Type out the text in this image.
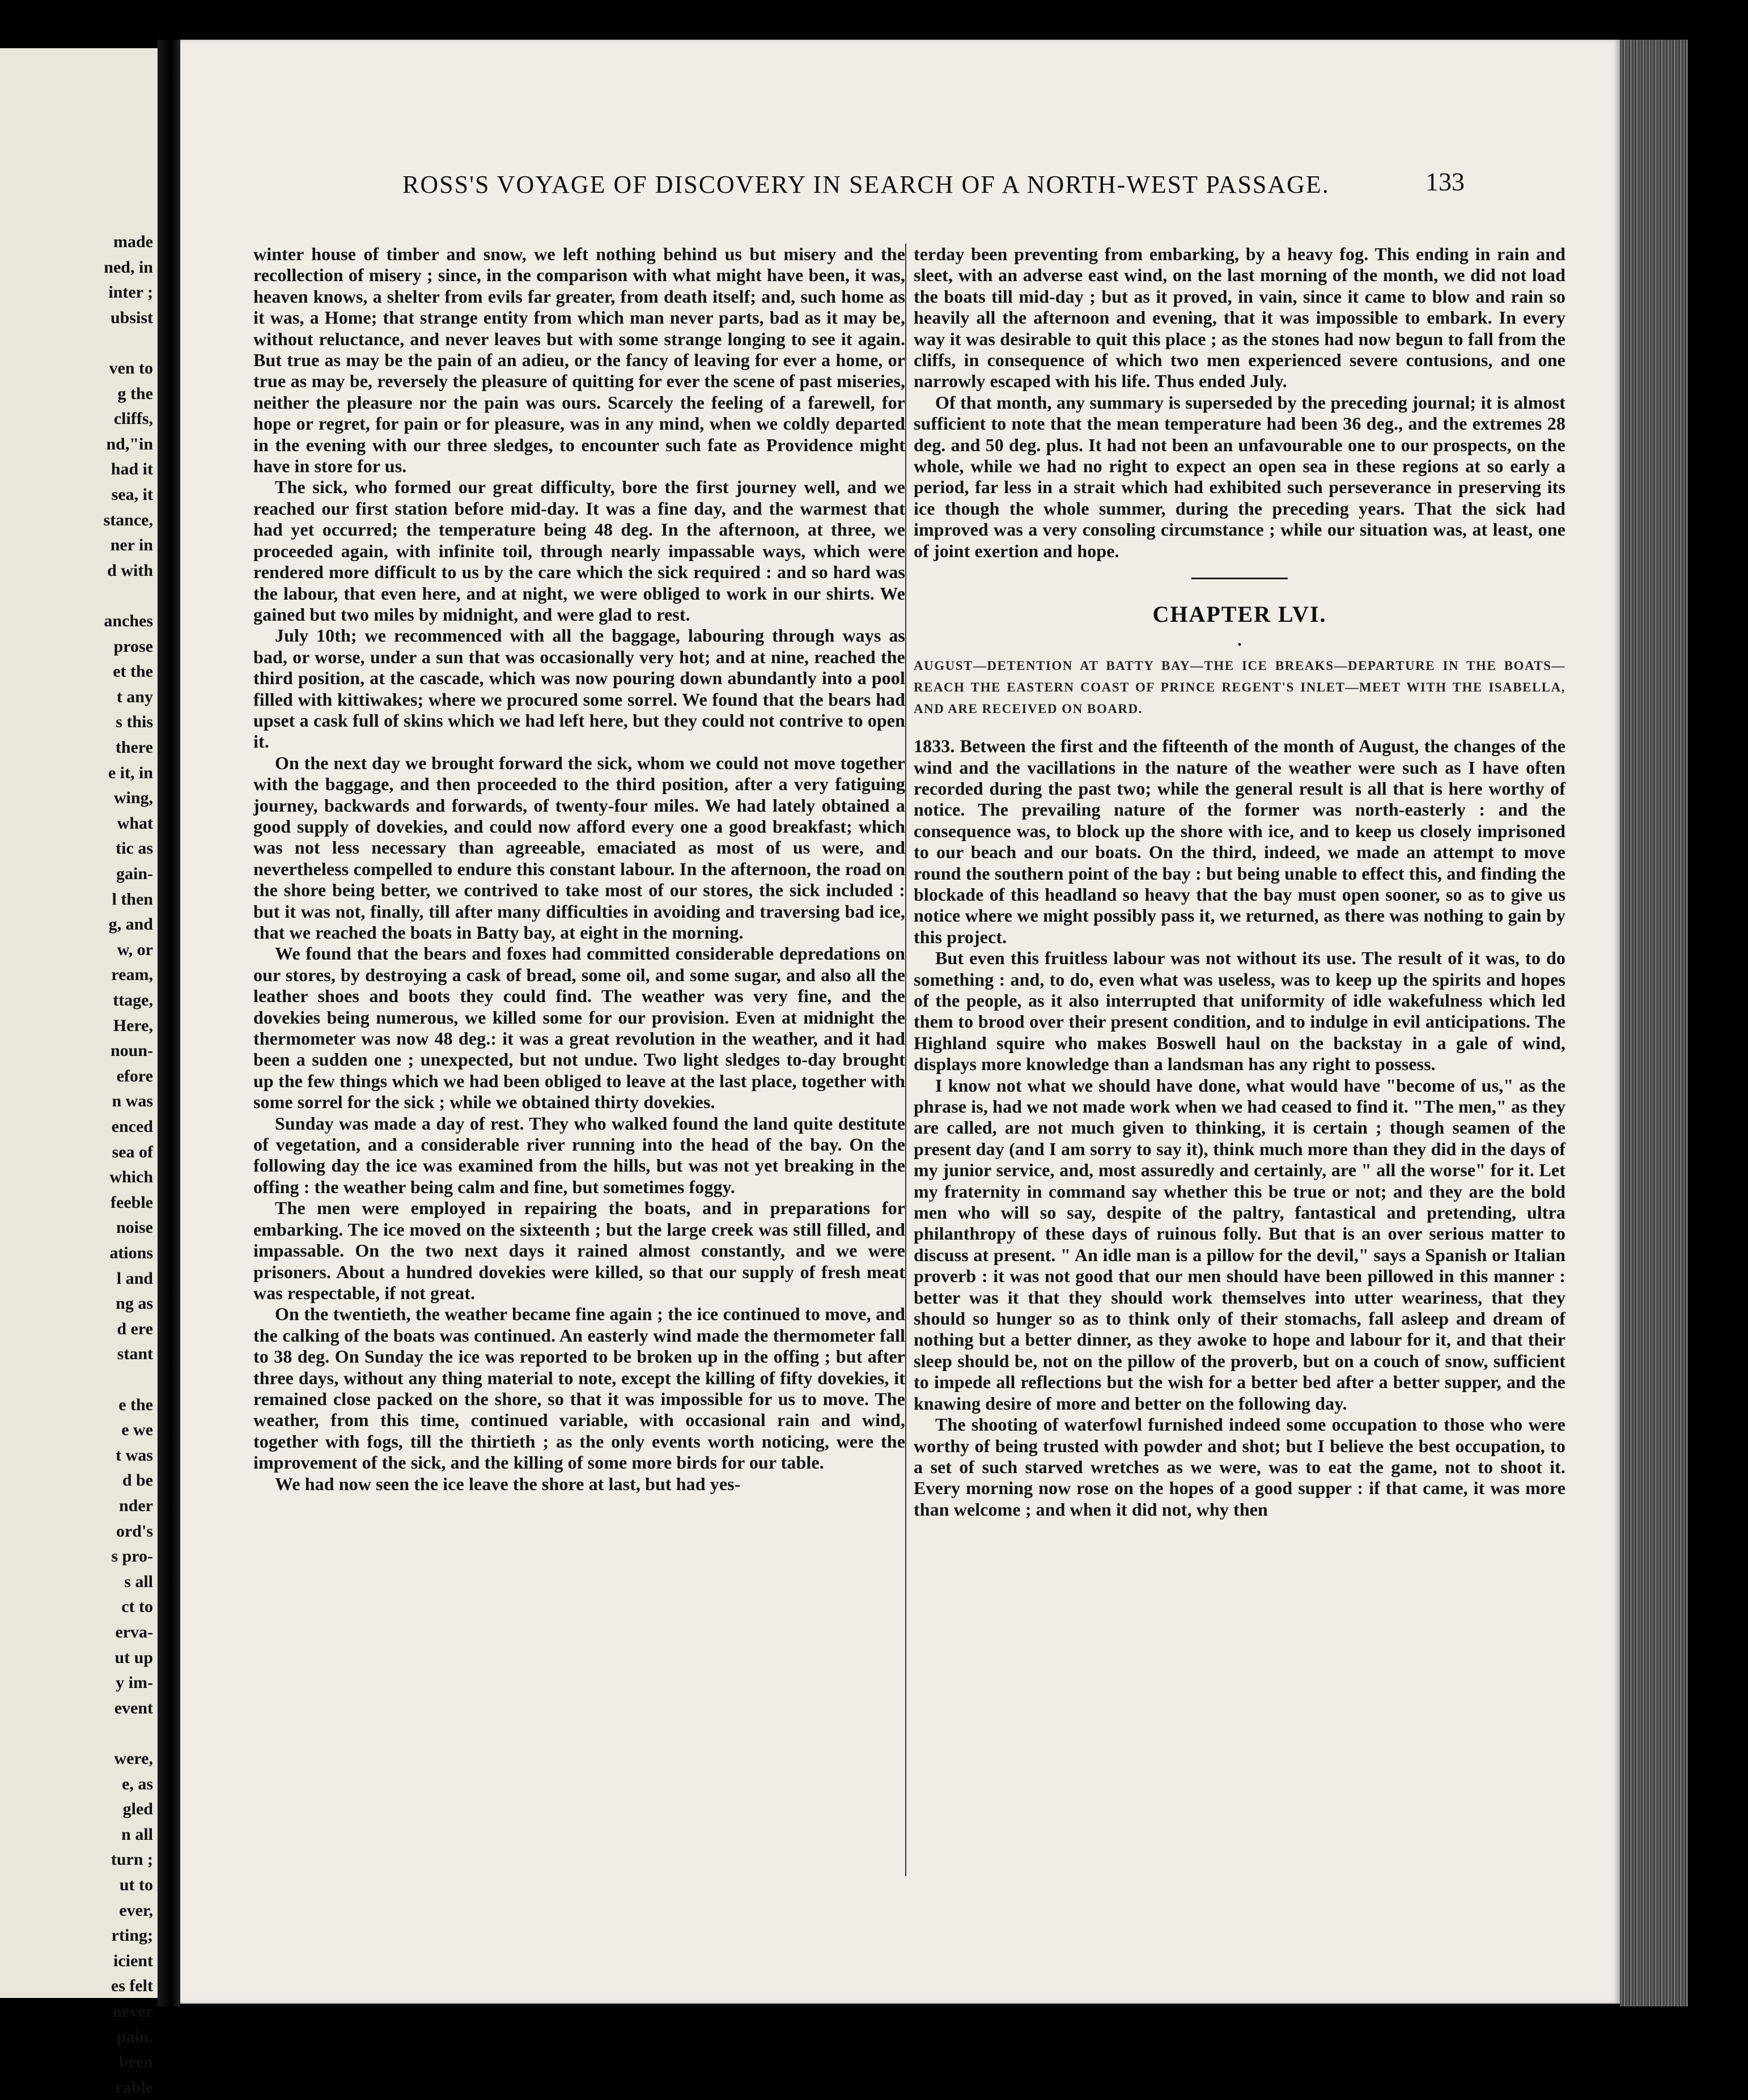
made
ned, in
inter ;
ubsist
ven to
g the
cliffs,
nd,"in
had it
sea, it
stance,
ner in
d with
anches
prose
et the
t any
s this
there
e it, in
wing,
what
tic as
gain-
l then
g, and
w, or
ream,
ttage,
Here,
noun-
efore
n was
enced
sea of
which
feeble
noise
ations
l and
ng as
d ere
stant
e the
e we
t was
d be
nder
ord's
s pro-
s all
ct to
erva-
ut up
y im-
event
were,
e, as
gled
n all
turn ;
ut to
ever,
rting;
icient
es felt
never
pain.
been
rable
ROSS'S VOYAGE OF DISCOVERY IN SEARCH OF A NORTH-WEST PASSAGE.	133

winter house of timber and snow, we left nothing behind us but misery and the recollection of misery ; since, in the comparison with what might have been, it was, heaven knows, a shelter from evils far greater, from death itself; and, such home as it was, a Home; that strange entity from which man never parts, bad as it may be, without reluctance, and never leaves but with some strange longing to see it again. But true as may be the pain of an adieu, or the fancy of leaving for ever a home, or true as may be, reversely the pleasure of quitting for ever the scene of past miseries, neither the pleasure nor the pain was ours. Scarcely the feeling of a farewell, for hope or regret, for pain or for pleasure, was in any mind, when we coldly departed in the evening with our three sledges, to encounter such fate as Providence might have in store for us.

The sick, who formed our great difficulty, bore the first journey well, and we reached our first station before mid-day. It was a fine day, and the warmest that had yet occurred; the temperature being 48 deg. In the afternoon, at three, we proceeded again, with infinite toil, through nearly impassable ways, which were rendered more difficult to us by the care which the sick required : and so hard was the labour, that even here, and at night, we were obliged to work in our shirts. We gained but two miles by midnight, and were glad to rest.

July 10th; we recommenced with all the baggage, labouring through ways as bad, or worse, under a sun that was occasionally very hot; and at nine, reached the third position, at the cascade, which was now pouring down abundantly into a pool filled with kittiwakes; where we procured some sorrel. We found that the bears had upset a cask full of skins which we had left here, but they could not contrive to open it.

On the next day we brought forward the sick, whom we could not move together with the baggage, and then proceeded to the third position, after a very fatiguing journey, backwards and forwards, of twenty-four miles. We had lately obtained a good supply of dovekies, and could now afford every one a good breakfast; which was not less necessary than agreeable, emaciated as most of us were, and nevertheless compelled to endure this constant labour. In the afternoon, the road on the shore being better, we contrived to take most of our stores, the sick included : but it was not, finally, till after many difficulties in avoiding and traversing bad ice, that we reached the boats in Batty bay, at eight in the morning.

We found that the bears and foxes had committed considerable depredations on our stores, by destroying a cask of bread, some oil, and some sugar, and also all the leather shoes and boots they could find. The weather was very fine, and the dovekies being numerous, we killed some for our provision. Even at midnight the thermometer was now 48 deg.: it was a great revolution in the weather, and it had been a sudden one ; unexpected, but not undue. Two light sledges to-day brought up the few things which we had been obliged to leave at the last place, together with some sorrel for the sick ; while we obtained thirty dovekies.

Sunday was made a day of rest. They who walked found the land quite destitute of vegetation, and a considerable river running into the head of the bay. On the following day the ice was examined from the hills, but was not yet breaking in the offing : the weather being calm and fine, but sometimes foggy.

The men were employed in repairing the boats, and in preparations for embarking. The ice moved on the sixteenth ; but the large creek was still filled, and impassable. On the two next days it rained almost constantly, and we were prisoners. About a hundred dovekies were killed, so that our supply of fresh meat was respectable, if not great.

On the twentieth, the weather became fine again ; the ice continued to move, and the calking of the boats was continued. An easterly wind made the thermometer fall to 38 deg. On Sunday the ice was reported to be broken up in the offing ; but after three days, without any thing material to note, except the killing of fifty dovekies, it remained close packed on the shore, so that it was impossible for us to move. The weather, from this time, continued variable, with occasional rain and wind, together with fogs, till the thirtieth ; as the only events worth noticing, were the improvement of the sick, and the killing of some more birds for our table.

We had now seen the ice leave the shore at last, but had yes-

terday been preventing from embarking, by a heavy fog. This ending in rain and sleet, with an adverse east wind, on the last morning of the month, we did not load the boats till mid-day ; but as it proved, in vain, since it came to blow and rain so heavily all the afternoon and evening, that it was impossible to embark. In every way it was desirable to quit this place ; as the stones had now begun to fall from the cliffs, in consequence of which two men experienced severe contusions, and one narrowly escaped with his life. Thus ended July.

Of that month, any summary is superseded by the preceding journal; it is almost sufficient to note that the mean temperature had been 36 deg., and the extremes 28 deg. and 50 deg. plus. It had not been an unfavourable one to our prospects, on the whole, while we had no right to expect an open sea in these regions at so early a period, far less in a strait which had exhibited such perseverance in preserving its ice though the whole summer, during the preceding years. That the sick had improved was a very consoling circumstance ; while our situation was, at least, one of joint exertion and hope.

CHAPTER LVI.

•

AUGUST—DETENTION AT BATTY BAY—THE ICE BREAKS—DEPARTURE IN THE BOATS—REACH THE EASTERN COAST OF PRINCE REGENT'S INLET—MEET WITH THE ISABELLA, AND ARE RECEIVED ON BOARD.

1833. Between the first and the fifteenth of the month of August, the changes of the wind and the vacillations in the nature of the weather were such as I have often recorded during the past two; while the general result is all that is here worthy of notice. The prevailing nature of the former was north-easterly : and the consequence was, to block up the shore with ice, and to keep us closely imprisoned to our beach and our boats. On the third, indeed, we made an attempt to move round the southern point of the bay : but being unable to effect this, and finding the blockade of this headland so heavy that the bay must open sooner, so as to give us notice where we might possibly pass it, we returned, as there was nothing to gain by this project.

But even this fruitless labour was not without its use. The result of it was, to do something : and, to do, even what was useless, was to keep up the spirits and hopes of the people, as it also interrupted that uniformity of idle wakefulness which led them to brood over their present condition, and to indulge in evil anticipations. The Highland squire who makes Boswell haul on the backstay in a gale of wind, displays more knowledge than a landsman has any right to possess.

I know not what we should have done, what would have "become of us," as the phrase is, had we not made work when we had ceased to find it. "The men," as they are called, are not much given to thinking, it is certain ; though seamen of the present day (and I am sorry to say it), think much more than they did in the days of my junior service, and, most assuredly and certainly, are " all the worse" for it. Let my fraternity in command say whether this be true or not; and they are the bold men who will so say, despite of the paltry, fantastical and pretending, ultra philanthropy of these days of ruinous folly. But that is an over serious matter to discuss at present. " An idle man is a pillow for the devil," says a Spanish or Italian proverb : it was not good that our men should have been pillowed in this manner : better was it that they should work themselves into utter weariness, that they should so hunger so as to think only of their stomachs, fall asleep and dream of nothing but a better dinner, as they awoke to hope and labour for it, and that their sleep should be, not on the pillow of the proverb, but on a couch of snow, sufficient to impede all reflections but the wish for a better bed after a better supper, and the knawing desire of more and better on the following day.

The shooting of waterfowl furnished indeed some occupation to those who were worthy of being trusted with powder and shot; but I believe the best occupation, to a set of such starved wretches as we were, was to eat the game, not to shoot it. Every morning now rose on the hopes of a good supper : if that came, it was more than welcome ; and when it did not, why then
